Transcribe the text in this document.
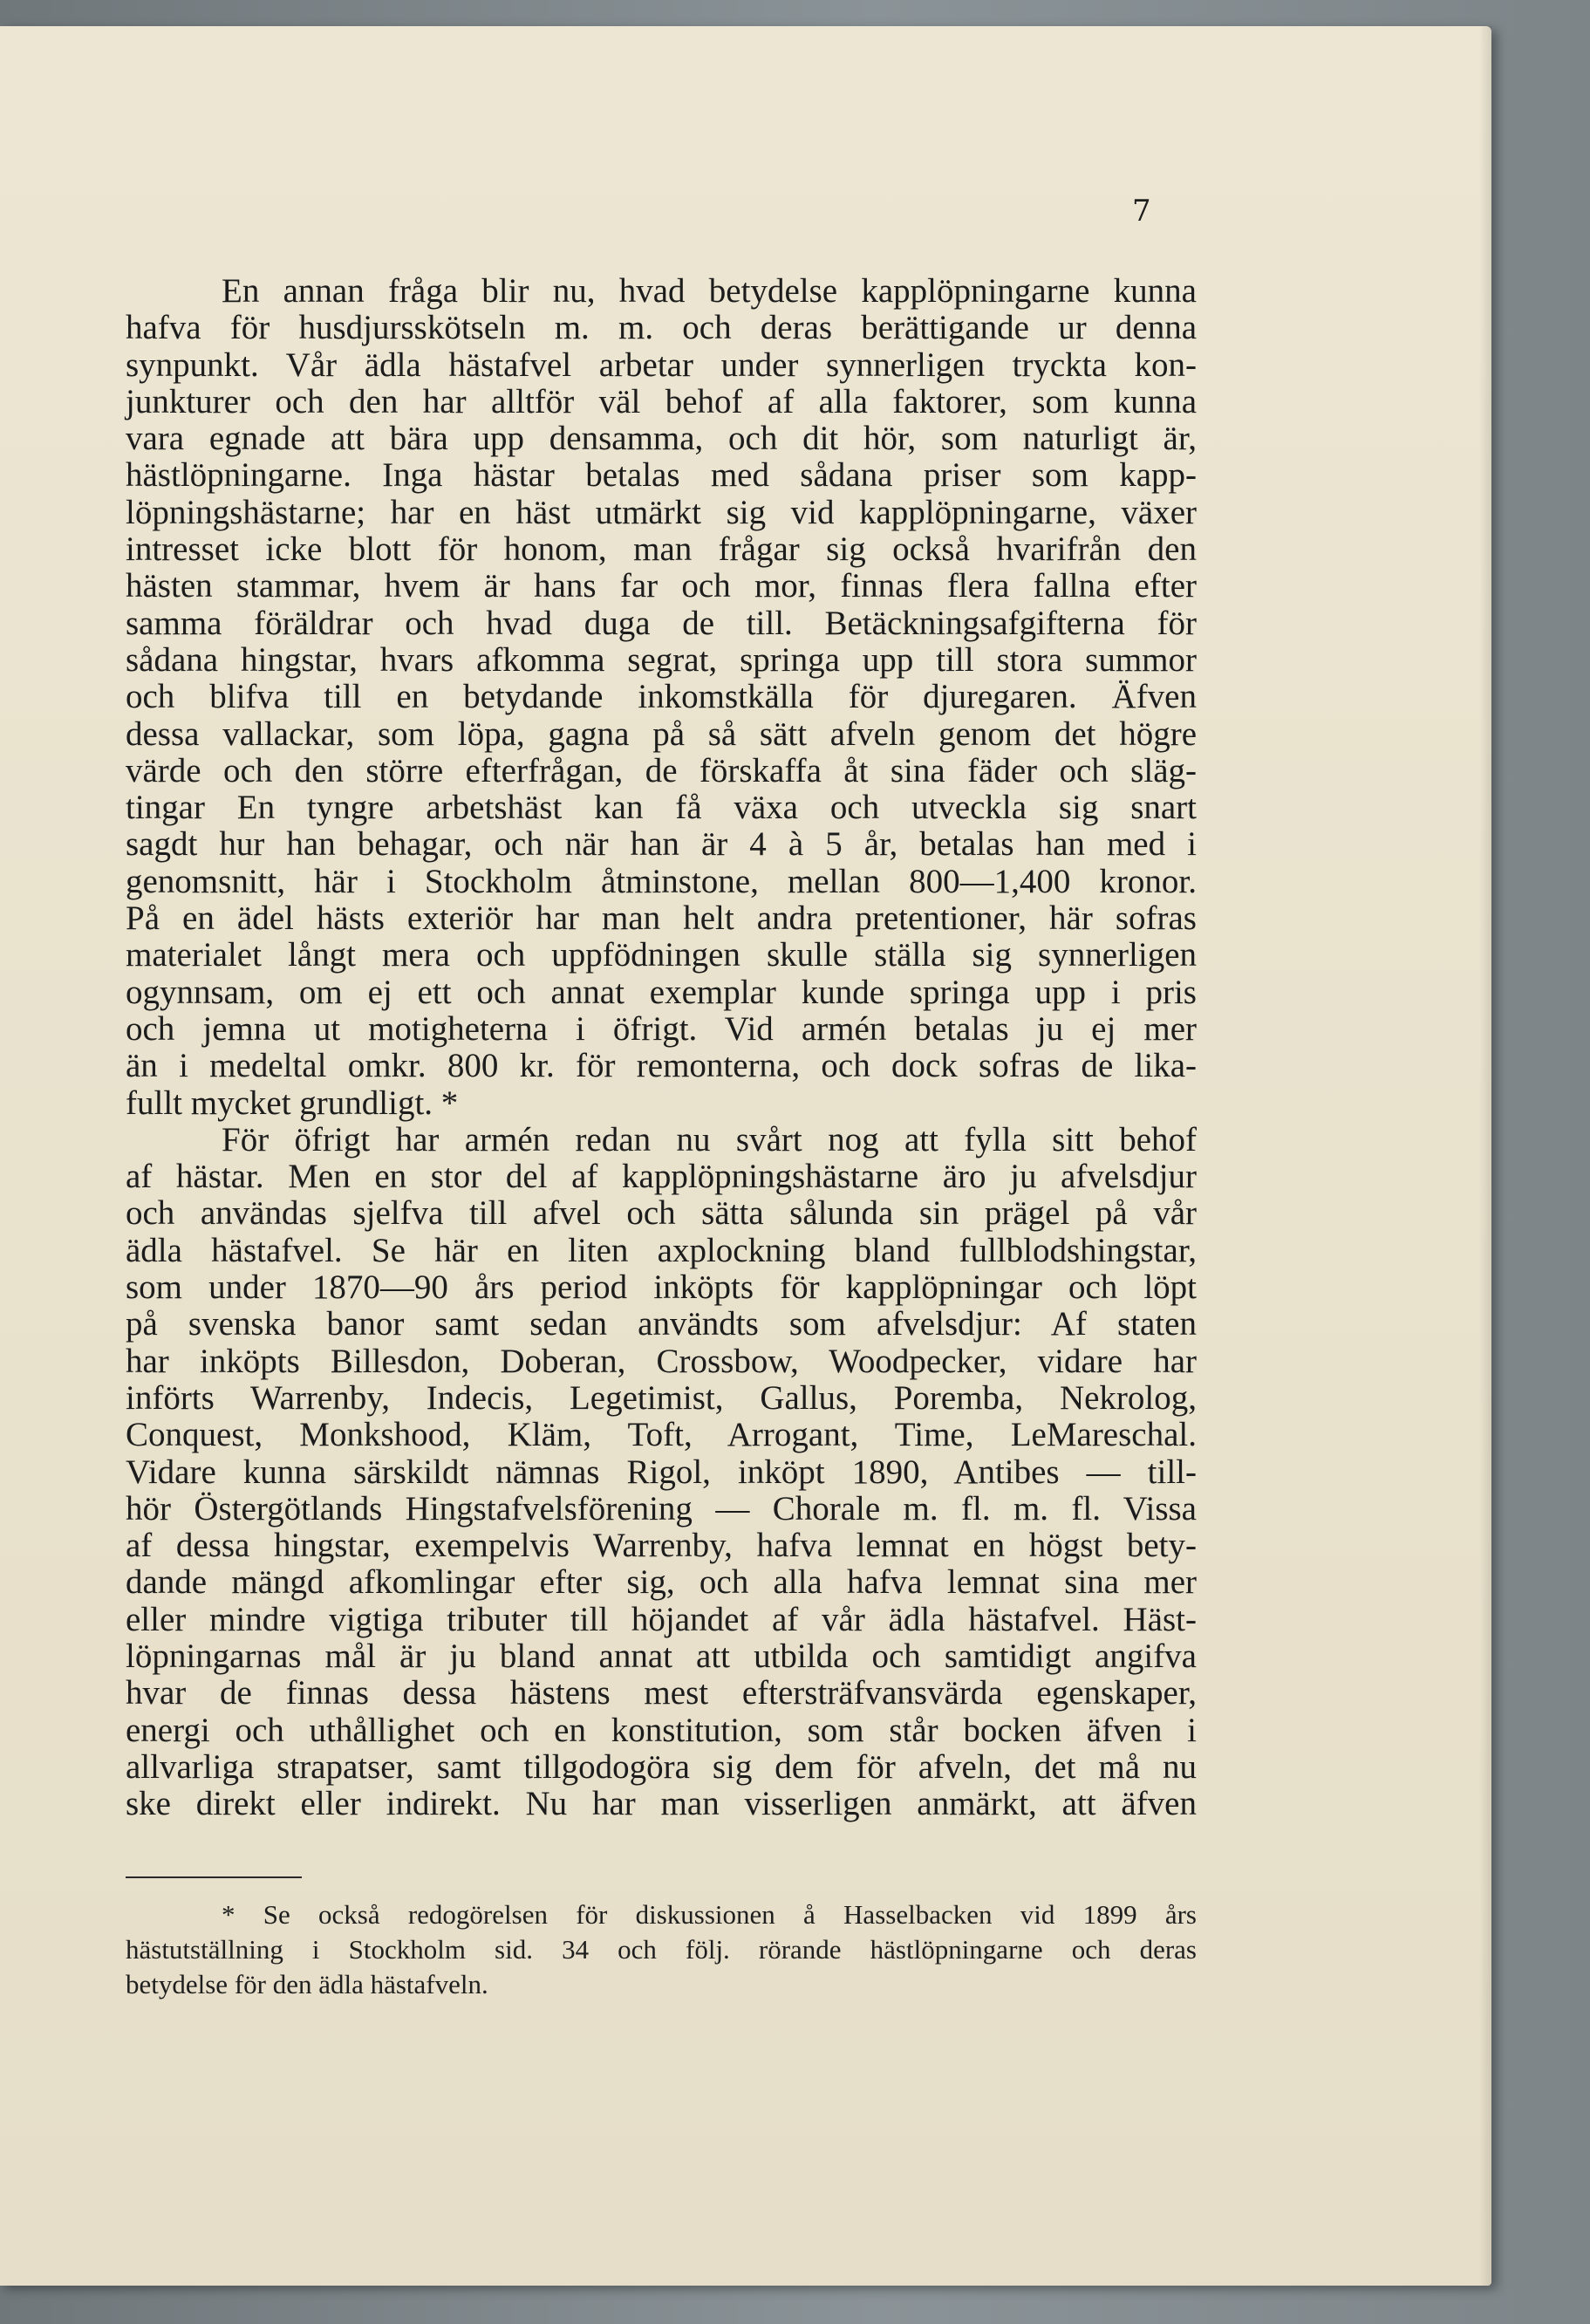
7
En annan fråga blir nu, hvad betydelse kapplöpningarne kunna
hafva för husdjursskötseln m. m. och deras berättigande ur denna
synpunkt. Vår ädla hästafvel arbetar under synnerligen tryckta kon-
junkturer och den har alltför väl behof af alla faktorer, som kunna
vara egnade att bära upp densamma, och dit hör, som naturligt är,
hästlöpningarne. Inga hästar betalas med sådana priser som kapp-
löpningshästarne; har en häst utmärkt sig vid kapplöpningarne, växer
intresset icke blott för honom, man frågar sig också hvarifrån den
hästen stammar, hvem är hans far och mor, finnas flera fallna efter
samma föräldrar och hvad duga de till. Betäckningsafgifterna för
sådana hingstar, hvars afkomma segrat, springa upp till stora summor
och blifva till en betydande inkomstkälla för djuregaren. Äfven
dessa vallackar, som löpa, gagna på så sätt afveln genom det högre
värde och den större efterfrågan, de förskaffa åt sina fäder och släg-
tingar En tyngre arbetshäst kan få växa och utveckla sig snart
sagdt hur han behagar, och när han är 4 à 5 år, betalas han med i
genomsnitt, här i Stockholm åtminstone, mellan 800—1,400 kronor.
På en ädel hästs exteriör har man helt andra pretentioner, här sofras
materialet långt mera och uppfödningen skulle ställa sig synnerligen
ogynnsam, om ej ett och annat exemplar kunde springa upp i pris
och jemna ut motigheterna i öfrigt. Vid armén betalas ju ej mer
än i medeltal omkr. 800 kr. för remonterna, och dock sofras de lika-
fullt mycket grundligt. *
För öfrigt har armén redan nu svårt nog att fylla sitt behof
af hästar. Men en stor del af kapplöpningshästarne äro ju afvelsdjur
och användas sjelfva till afvel och sätta sålunda sin prägel på vår
ädla hästafvel. Se här en liten axplockning bland fullblodshingstar,
som under 1870—90 års period inköpts för kapplöpningar och löpt
på svenska banor samt sedan användts som afvelsdjur: Af staten
har inköpts Billesdon, Doberan, Crossbow, Woodpecker, vidare har
införts Warrenby, Indecis, Legetimist, Gallus, Poremba, Nekrolog,
Conquest, Monkshood, Kläm, Toft, Arrogant, Time, LeMareschal.
Vidare kunna särskildt nämnas Rigol, inköpt 1890, Antibes — till-
hör Östergötlands Hingstafvelsförening — Chorale m. fl. m. fl. Vissa
af dessa hingstar, exempelvis Warrenby, hafva lemnat en högst bety-
dande mängd afkomlingar efter sig, och alla hafva lemnat sina mer
eller mindre vigtiga tributer till höjandet af vår ädla hästafvel. Häst-
löpningarnas mål är ju bland annat att utbilda och samtidigt angifva
hvar de finnas dessa hästens mest eftersträfvansvärda egenskaper,
energi och uthållighet och en konstitution, som står bocken äfven i
allvarliga strapatser, samt tillgodogöra sig dem för afveln, det må nu
ske direkt eller indirekt. Nu har man visserligen anmärkt, att äfven
* Se också redogörelsen för diskussionen å Hasselbacken vid 1899 års
hästutställning i Stockholm sid. 34 och följ. rörande hästlöpningarne och deras
betydelse för den ädla hästafveln.
